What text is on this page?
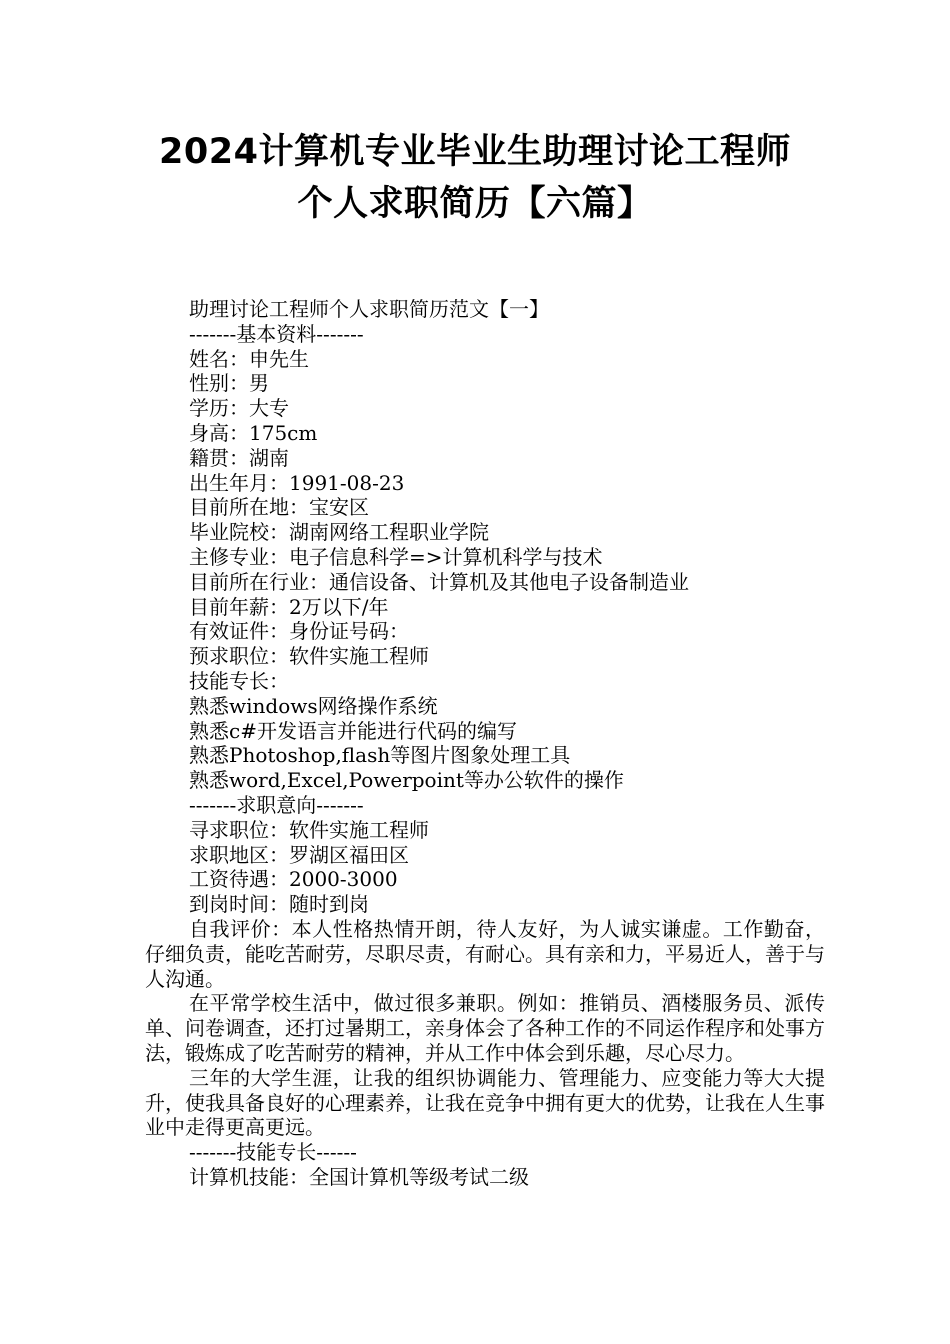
2024计算机专业毕业生助理讨论工程师
个人求职简历【六篇】
助理讨论工程师个人求职简历范文【一】
-------基本资料-------
姓名：申先生
性别：男
学历：大专
身高：175cm
籍贯：湖南
出生年月：1991-08-23
目前所在地：宝安区
毕业院校：湖南网络工程职业学院
主修专业：电子信息科学=>计算机科学与技术
目前所在行业：通信设备、计算机及其他电子设备制造业
目前年薪：2万以下/年
有效证件：身份证号码：
预求职位：软件实施工程师
技能专长：
熟悉windows网络操作系统
熟悉c#开发语言并能进行代码的编写
熟悉Photoshop,flash等图片图象处理工具
熟悉word,Excel,Powerpoint等办公软件的操作
-------求职意向-------
寻求职位：软件实施工程师
求职地区：罗湖区福田区
工资待遇：2000-3000
到岗时间：随时到岗
自我评价：本人性格热情开朗，待人友好，为人诚实谦虚。工作勤奋，仔细负责，能吃苦耐劳，尽职尽责，有耐心。具有亲和力，平易近人，善于与人沟通。
在平常学校生活中，做过很多兼职。例如：推销员、酒楼服务员、派传单、问卷调查，还打过暑期工，亲身体会了各种工作的不同运作程序和处事方法，锻炼成了吃苦耐劳的精神，并从工作中体会到乐趣，尽心尽力。
三年的大学生涯，让我的组织协调能力、管理能力、应变能力等大大提升，使我具备良好的心理素养，让我在竞争中拥有更大的优势，让我在人生事业中走得更高更远。
-------技能专长------
计算机技能：全国计算机等级考试二级
